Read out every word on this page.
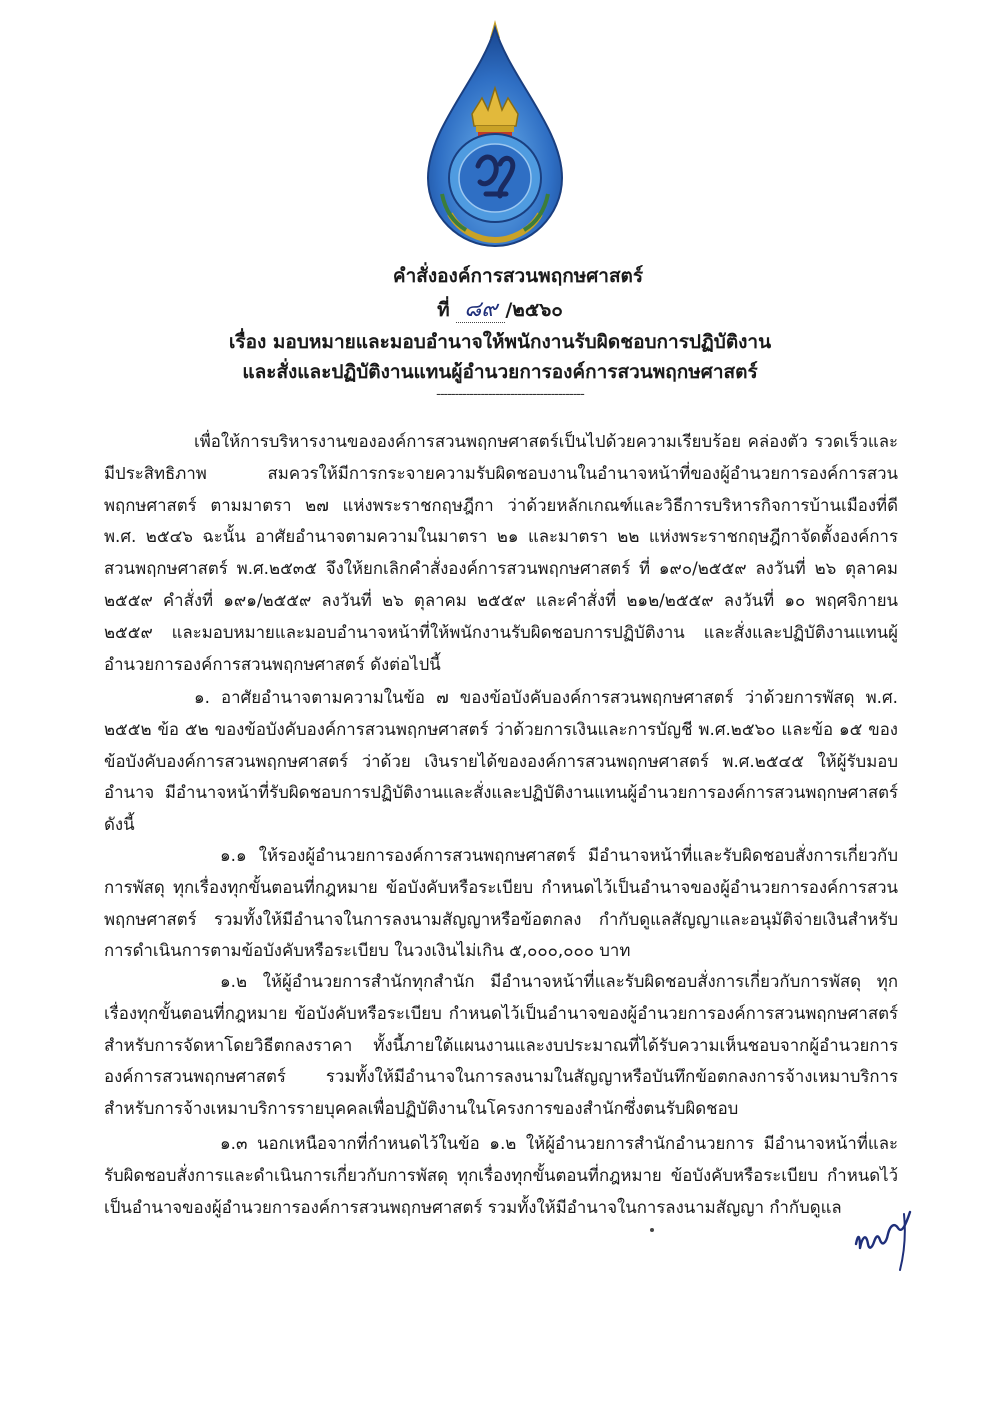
คำสั่งองค์การสวนพฤกษศาสตร์
ที่ ๘๙ /๒๕๖๐
เรื่อง มอบหมายและมอบอำนาจให้พนักงานรับผิดชอบการปฏิบัติงาน
และสั่งและปฏิบัติงานแทนผู้อำนวยการองค์การสวนพฤกษศาสตร์
----------------------------------------

เพื่อให้การบริหารงานขององค์การสวนพฤกษศาสตร์เป็นไปด้วยความเรียบร้อย คล่องตัว รวดเร็วและมีประสิทธิภาพ สมควรให้มีการกระจายความรับผิดชอบงานในอำนาจหน้าที่ของผู้อำนวยการองค์การสวนพฤกษศาสตร์ ตามมาตรา ๒๗ แห่งพระราชกฤษฎีกา ว่าด้วยหลักเกณฑ์และวิธีการบริหารกิจการบ้านเมืองที่ดี พ.ศ. ๒๕๔๖ ฉะนั้น อาศัยอำนาจตามความในมาตรา ๒๑ และมาตรา ๒๒ แห่งพระราชกฤษฎีกาจัดตั้งองค์การสวนพฤกษศาสตร์ พ.ศ.๒๕๓๕ จึงให้ยกเลิกคำสั่งองค์การสวนพฤกษศาสตร์ ที่ ๑๙๐/๒๕๕๙ ลงวันที่ ๒๖ ตุลาคม ๒๕๕๙ คำสั่งที่ ๑๙๑/๒๕๕๙ ลงวันที่ ๒๖ ตุลาคม ๒๕๕๙ และคำสั่งที่ ๒๑๒/๒๕๕๙ ลงวันที่ ๑๐ พฤศจิกายน ๒๕๕๙ และมอบหมายและมอบอำนาจหน้าที่ให้พนักงานรับผิดชอบการปฏิบัติงาน และสั่งและปฏิบัติงานแทนผู้อำนวยการองค์การสวนพฤกษศาสตร์ ดังต่อไปนี้

๑. อาศัยอำนาจตามความในข้อ ๗ ของข้อบังคับองค์การสวนพฤกษศาสตร์ ว่าด้วยการพัสดุ พ.ศ. ๒๕๕๒ ข้อ ๕๒ ของข้อบังคับองค์การสวนพฤกษศาสตร์ ว่าด้วยการเงินและการบัญชี พ.ศ.๒๕๖๐ และข้อ ๑๕ ของข้อบังคับองค์การสวนพฤกษศาสตร์ ว่าด้วย เงินรายได้ขององค์การสวนพฤกษศาสตร์ พ.ศ.๒๕๔๕ ให้ผู้รับมอบอำนาจ มีอำนาจหน้าที่รับผิดชอบการปฏิบัติงานและสั่งและปฏิบัติงานแทนผู้อำนวยการองค์การสวนพฤกษศาสตร์ ดังนี้

๑.๑ ให้รองผู้อำนวยการองค์การสวนพฤกษศาสตร์ มีอำนาจหน้าที่และรับผิดชอบสั่งการเกี่ยวกับการพัสดุ ทุกเรื่องทุกขั้นตอนที่กฎหมาย ข้อบังคับหรือระเบียบ กำหนดไว้เป็นอำนาจของผู้อำนวยการองค์การสวนพฤกษศาสตร์ รวมทั้งให้มีอำนาจในการลงนามสัญญาหรือข้อตกลง กำกับดูแลสัญญาและอนุมัติจ่ายเงินสำหรับการดำเนินการตามข้อบังคับหรือระเบียบ ในวงเงินไม่เกิน ๕,๐๐๐,๐๐๐ บาท

๑.๒ ให้ผู้อำนวยการสำนักทุกสำนัก มีอำนาจหน้าที่และรับผิดชอบสั่งการเกี่ยวกับการพัสดุ ทุกเรื่องทุกขั้นตอนที่กฎหมาย ข้อบังคับหรือระเบียบ กำหนดไว้เป็นอำนาจของผู้อำนวยการองค์การสวนพฤกษศาสตร์ สำหรับการจัดหาโดยวิธีตกลงราคา ทั้งนี้ภายใต้แผนงานและงบประมาณที่ได้รับความเห็นชอบจากผู้อำนวยการองค์การสวนพฤกษศาสตร์ รวมทั้งให้มีอำนาจในการลงนามในสัญญาหรือบันทึกข้อตกลงการจ้างเหมาบริการสำหรับการจ้างเหมาบริการรายบุคคลเพื่อปฏิบัติงานในโครงการของสำนักซึ่งตนรับผิดชอบ

๑.๓ นอกเหนือจากที่กำหนดไว้ในข้อ ๑.๒ ให้ผู้อำนวยการสำนักอำนวยการ มีอำนาจหน้าที่และรับผิดชอบสั่งการและดำเนินการเกี่ยวกับการพัสดุ ทุกเรื่องทุกขั้นตอนที่กฎหมาย ข้อบังคับหรือระเบียบ กำหนดไว้เป็นอำนาจของผู้อำนวยการองค์การสวนพฤกษศาสตร์ รวมทั้งให้มีอำนาจในการลงนามสัญญา กำกับดูแล
